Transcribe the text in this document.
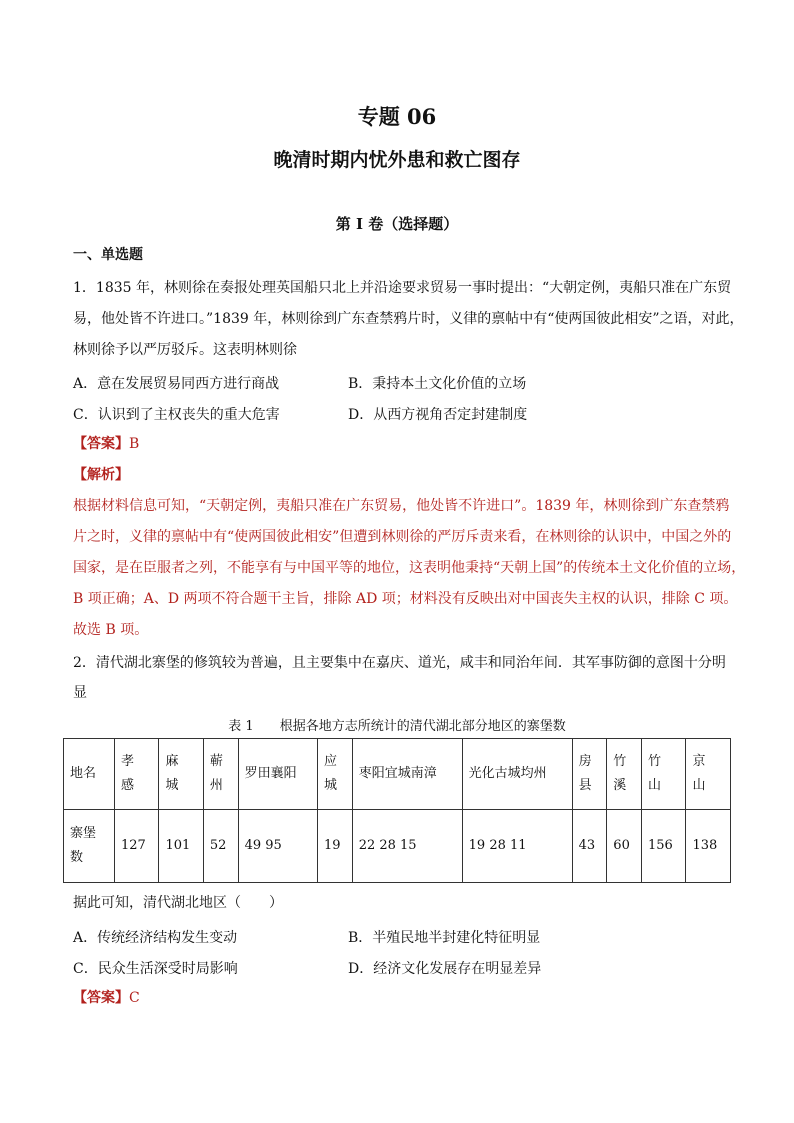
专题 06
晚清时期内忧外患和救亡图存
第 I 卷（选择题）
一、单选题
1．1835 年，林则徐在奏报处理英国船只北上并沿途要求贸易一事时提出：“大朝定例，夷船只准在广东贸
易，他处皆不许进口。”1839 年，林则徐到广东查禁鸦片时，义律的禀帖中有“使两国彼此相安”之语，对此，
林则徐予以严厉驳斥。这表明林则徐
A．意在发展贸易同西方进行商战	B．秉持本土文化价值的立场
C．认识到了主权丧失的重大危害	D．从西方视角否定封建制度
【答案】B
【解析】
根据材料信息可知，“天朝定例，夷船只准在广东贸易，他处皆不许进口”。1839 年，林则徐到广东查禁鸦
片之时，义律的禀帖中有“使两国彼此相安”但遭到林则徐的严厉斥责来看，在林则徐的认识中，中国之外的
国家，是在臣服者之列，不能享有与中国平等的地位，这表明他秉持“天朝上国”的传统本土文化价值的立场，
B 项正确；A、D 两项不符合题干主旨，排除 AD 项；材料没有反映出对中国丧失主权的认识，排除 C 项。
故选 B 项。
2．清代湖北寨堡的修筑较为普遍，且主要集中在嘉庆、道光，咸丰和同治年间．其军事防御的意图十分明
显
表 1 根据各地方志所统计的清代湖北部分地区的寨堡数
地名	孝感	麻城	蕲州	罗田襄阳	应城	枣阳宜城南漳	光化古城均州	房县	竹溪	竹山	京山
寨堡数	127	101	52	49 95	19	22 28 15	19 28 11	43	60	156	138
据此可知，清代湖北地区（　　）
A．传统经济结构发生变动	B．半殖民地半封建化特征明显
C．民众生活深受时局影响	D．经济文化发展存在明显差异
【答案】C
